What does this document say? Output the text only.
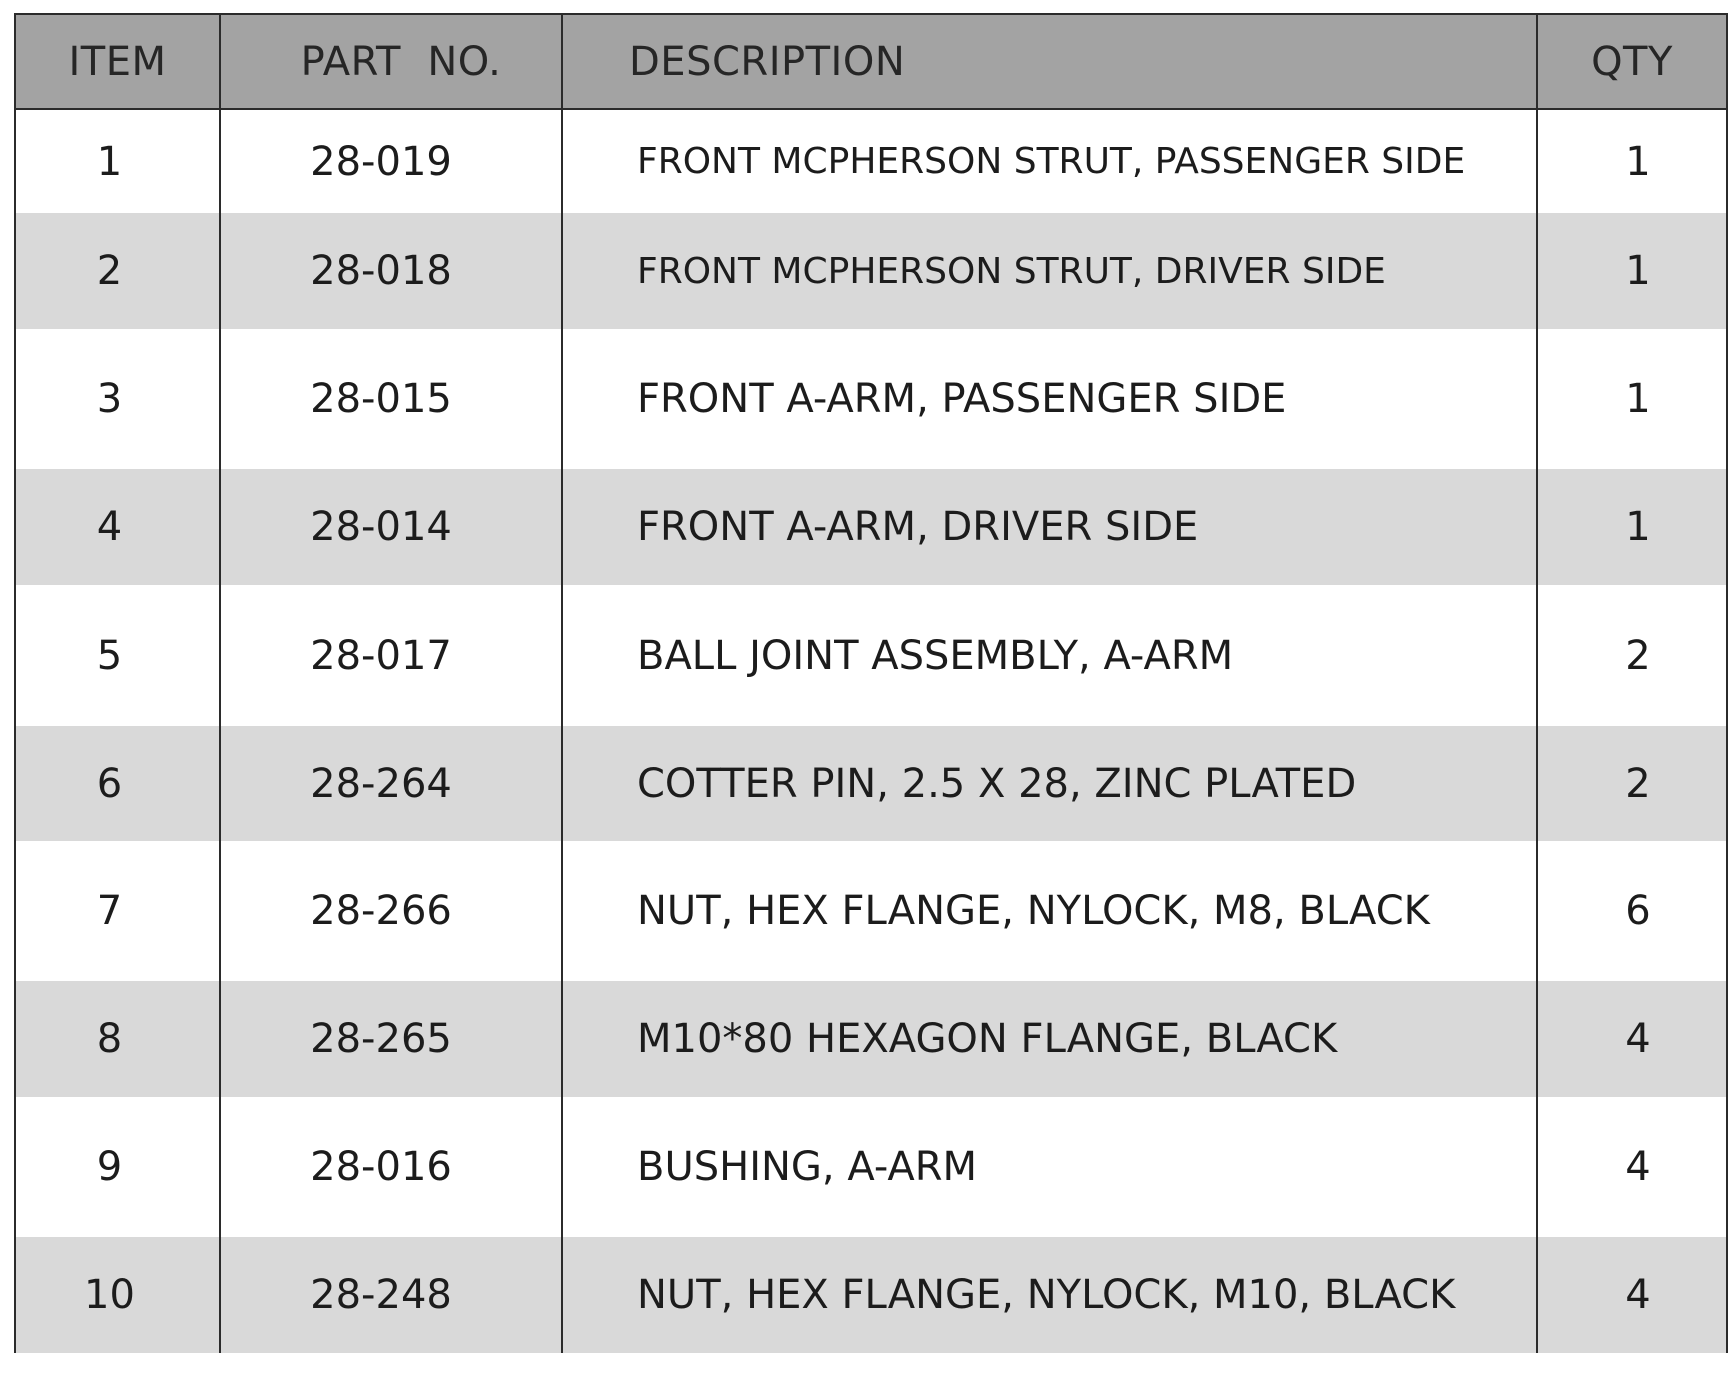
ITEM	PART  NO.	DESCRIPTION	QTY
1	28-019	FRONT MCPHERSON STRUT, PASSENGER SIDE	1
2	28-018	FRONT MCPHERSON STRUT, DRIVER SIDE	1
3	28-015	FRONT A-ARM, PASSENGER SIDE	1
4	28-014	FRONT A-ARM, DRIVER SIDE	1
5	28-017	BALL JOINT ASSEMBLY, A-ARM	2
6	28-264	COTTER PIN, 2.5 X 28, ZINC PLATED	2
7	28-266	NUT, HEX FLANGE, NYLOCK, M8, BLACK	6
8	28-265	M10*80 HEXAGON FLANGE, BLACK	4
9	28-016	BUSHING, A-ARM	4
10	28-248	NUT, HEX FLANGE, NYLOCK, M10, BLACK	4
